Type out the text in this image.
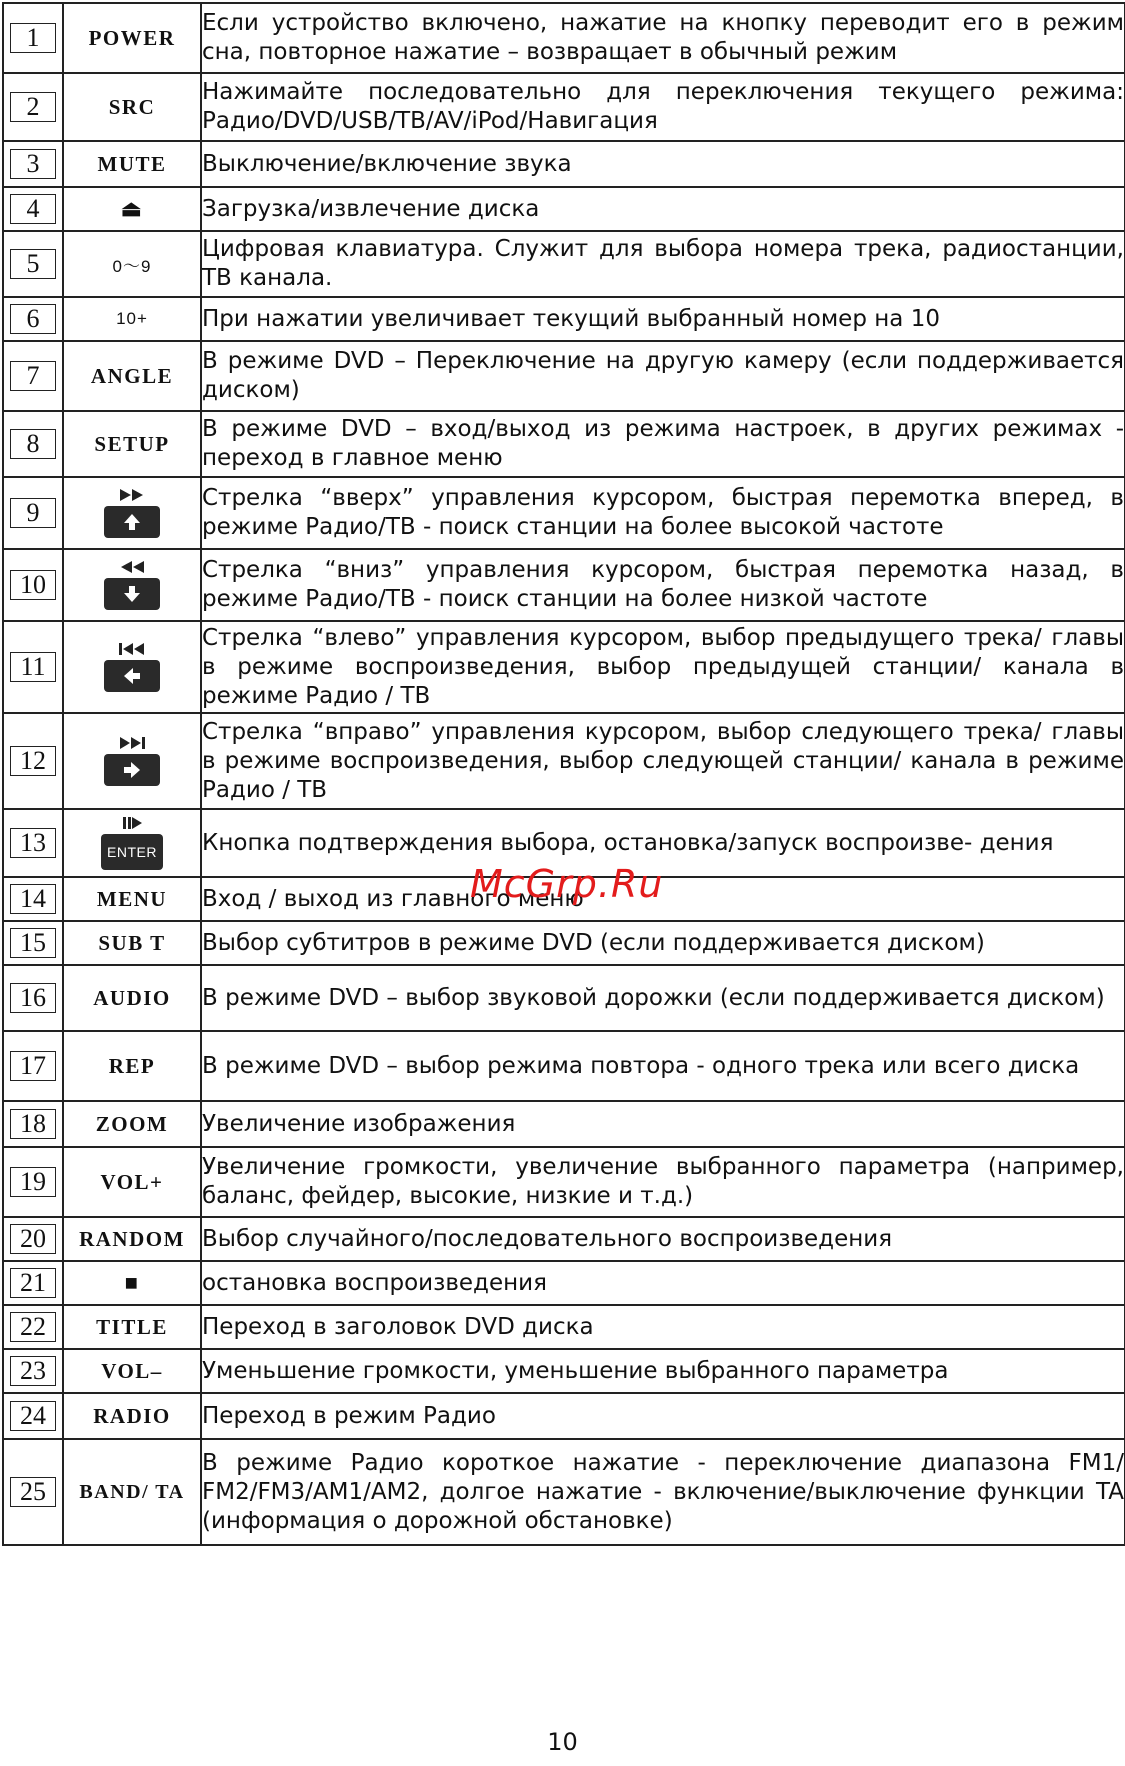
1	POWER	Если устройство включено, нажатие на кнопку переводит его в режим сна, повторное нажатие – возвращает в обычный режим
2	SRC	Нажимайте последовательно для переключения текущего режима: Радио/DVD/USB/ТВ/AV/iPod/Навигация
3	MUTE	Выключение/включение звука
4	⏏	Загрузка/извлечение диска
5	0～9	Цифровая клавиатура. Служит для выбора номера трека, радиостанции, ТВ канала.
6	10+	При нажатии увеличивает текущий выбранный номер на 10
7	ANGLE	В режиме DVD – Переключение на другую камеру (если поддерживается диском)
8	SETUP	В режиме DVD – вход/выход из режима настроек, в других режимах - переход в главное меню
9		Стрелка “вверх” управления курсором, быстрая перемотка вперед, в режиме Радио/ТВ - поиск станции на более высокой частоте
10		Стрелка “вниз” управления курсором, быстрая перемотка назад, в режиме Радио/ТВ - поиск станции на более низкой частоте
11		Стрелка “влево” управления курсором, выбор предыдущего трека/ главы в режиме воспроизведения, выбор предыдущей станции/ канала в режиме Радио / ТВ
12		Стрелка “вправо” управления курсором, выбор следующего трека/ главы в режиме воспроизведения, выбор следующей станции/ канала в режиме Радио / ТВ
13	ENTER	Кнопка подтверждения выбора, остановка/запуск воспроизве- дения
14	MENU	Вход / выход из главного меню
15	SUB T	Выбор субтитров в режиме DVD (если поддерживается диском)
16	AUDIO	В режиме DVD – выбор звуковой дорожки (если поддерживается диском)
17	REP	В режиме DVD – выбор режима повтора - одного трека или всего диска
18	ZOOM	Увеличение изображения
19	VOL+	Увеличение громкости, увеличение выбранного параметра (например, баланс, фейдер, высокие, низкие и т.д.)
20	RANDOM	Выбор случайного/последовательного воспроизведения
21	■	остановка воспроизведения
22	TITLE	Переход в заголовок DVD диска
23	VOL–	Уменьшение громкости, уменьшение выбранного параметра
24	RADIO	Переход в режим Радио
25	BAND/ TA	В режиме Радио короткое нажатие - переключение диапазона FM1/ FM2/FM3/AM1/AM2, долгое нажатие - включение/выключение функции TA (информация о дорожной обстановке)
McGrp.Ru
10
